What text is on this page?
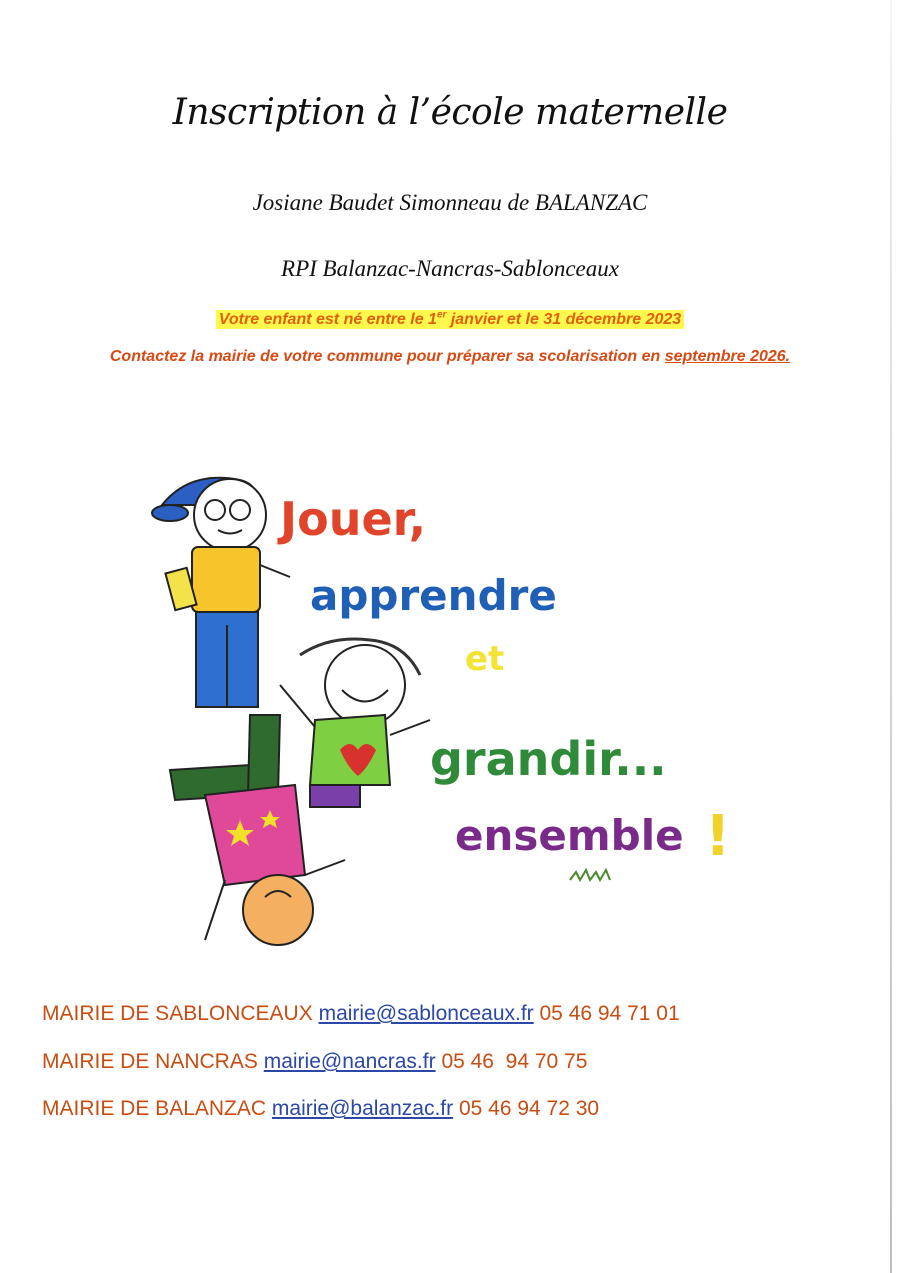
Inscription à l’école maternelle
Josiane Baudet Simonneau de BALANZAC
RPI Balanzac-Nancras-Sablonceaux
Votre enfant est né entre le 1er janvier et le 31 décembre 2023
Contactez la mairie de votre commune pour préparer sa scolarisation en septembre 2026.
Jouer,
apprendre
et
grandir...
ensemble !
MAIRIE DE SABLONCEAUX mairie@sablonceaux.fr 05 46 94 71 01
MAIRIE DE NANCRAS mairie@nancras.fr 05 46  94 70 75
MAIRIE DE BALANZAC mairie@balanzac.fr 05 46 94 72 30
